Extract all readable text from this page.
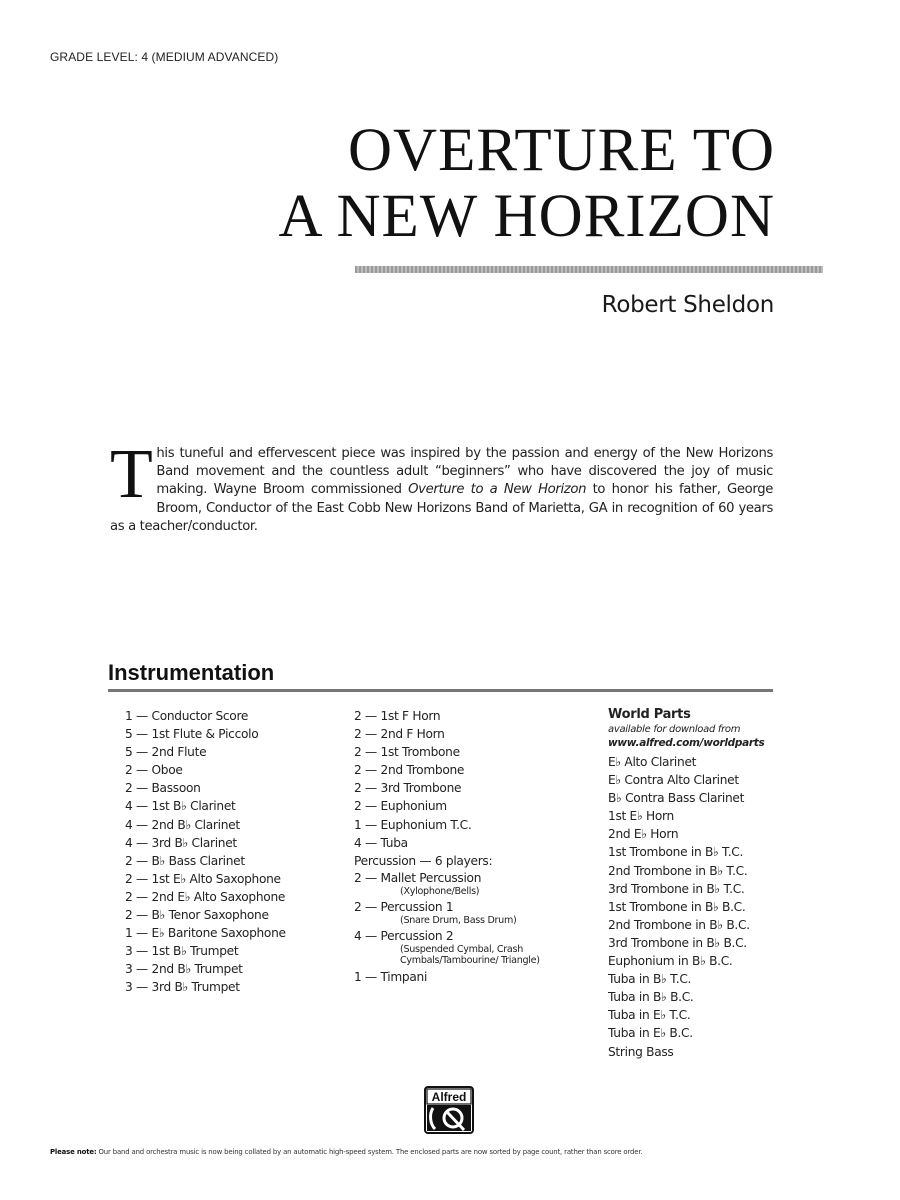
GRADE LEVEL: 4 (MEDIUM ADVANCED)
OVERTURE TO
A NEW HORIZON
Robert Sheldon
This tuneful and effervescent piece was inspired by the passion and energy of the New Horizons Band movement and the countless adult “beginners” who have discovered the joy of music making. Wayne Broom commissioned Overture to a New Horizon to honor his father, George Broom, Conductor of the East Cobb New Horizons Band of Marietta, GA in recognition of 60 years as a teacher/conductor.
Instrumentation
1 — Conductor Score
5 — 1st Flute & Piccolo
5 — 2nd Flute
2 — Oboe
2 — Bassoon
4 — 1st B♭ Clarinet
4 — 2nd B♭ Clarinet
4 — 3rd B♭ Clarinet
2 — B♭ Bass Clarinet
2 — 1st E♭ Alto Saxophone
2 — 2nd E♭ Alto Saxophone
2 — B♭ Tenor Saxophone
1 — E♭ Baritone Saxophone
3 — 1st B♭ Trumpet
3 — 2nd B♭ Trumpet
3 — 3rd B♭ Trumpet
2 — 1st F Horn
2 — 2nd F Horn
2 — 1st Trombone
2 — 2nd Trombone
2 — 3rd Trombone
2 — Euphonium
1 — Euphonium T.C.
4 — Tuba
Percussion — 6 players:
2 — Mallet Percussion
(Xylophone/Bells)
2 — Percussion 1
(Snare Drum, Bass Drum)
4 — Percussion 2
(Suspended Cymbal, Crash Cymbals/Tambourine/ Triangle)
1 — Timpani
World Parts
available for download from
www.alfred.com/worldparts
E♭ Alto Clarinet
E♭ Contra Alto Clarinet
B♭ Contra Bass Clarinet
1st E♭ Horn
2nd E♭ Horn
1st Trombone in B♭ T.C.
2nd Trombone in B♭ T.C.
3rd Trombone in B♭ T.C.
1st Trombone in B♭ B.C.
2nd Trombone in B♭ B.C.
3rd Trombone in B♭ B.C.
Euphonium in B♭ B.C.
Tuba in B♭ T.C.
Tuba in B♭ B.C.
Tuba in E♭ T.C.
Tuba in E♭ B.C.
String Bass
Alfred
Please note: Our band and orchestra music is now being collated by an automatic high-speed system. The enclosed parts are now sorted by page count, rather than score order.
